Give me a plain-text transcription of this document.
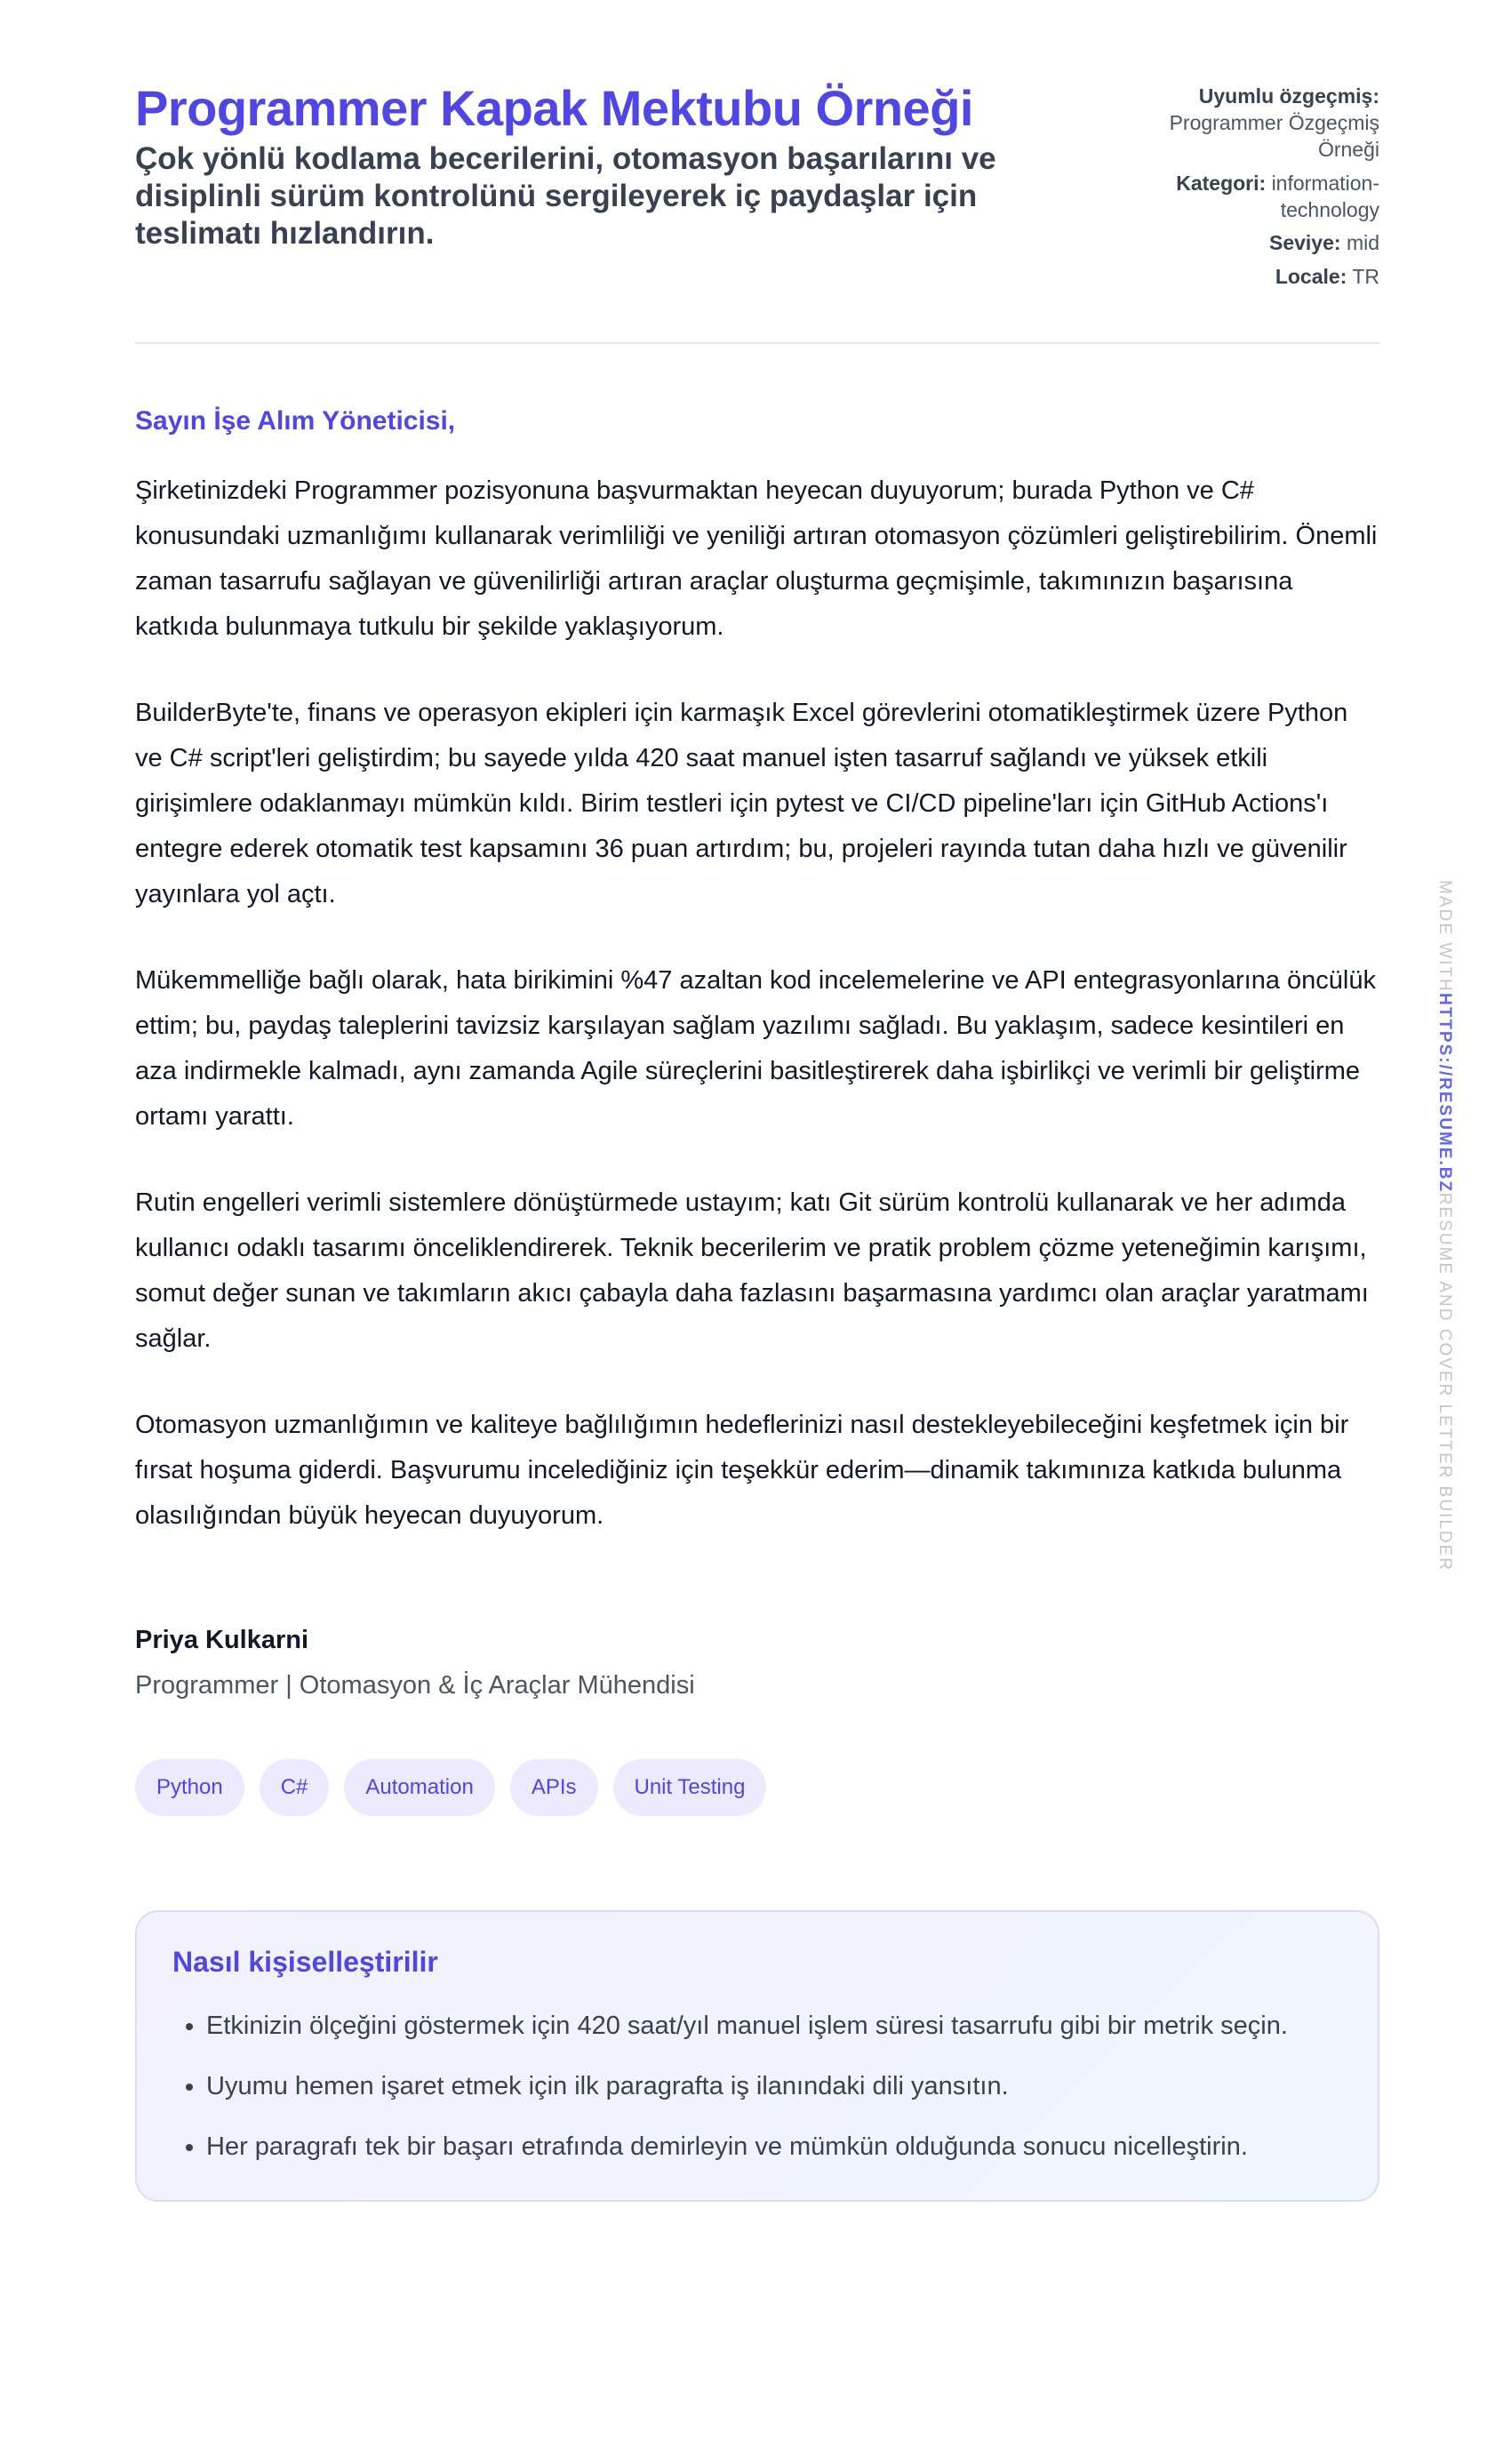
Programmer Kapak Mektubu Örneği
Çok yönlü kodlama becerilerini, otomasyon başarılarını ve disiplinli sürüm kontrolünü sergileyerek iç paydaşlar için teslimatı hızlandırın.
Uyumlu özgeçmiş:
Programmer Özgeçmiş Örneği
Kategori: information-technology
Seviye: mid
Locale: TR
Sayın İşe Alım Yöneticisi,

Şirketinizdeki Programmer pozisyonuna başvurmaktan heyecan duyuyorum; burada Python ve C# konusundaki uzmanlığımı kullanarak verimliliği ve yeniliği artıran otomasyon çözümleri geliştirebilirim. Önemli zaman tasarrufu sağlayan ve güvenilirliği artıran araçlar oluşturma geçmişimle, takımınızın başarısına katkıda bulunmaya tutkulu bir şekilde yaklaşıyorum.

BuilderByte'te, finans ve operasyon ekipleri için karmaşık Excel görevlerini otomatikleştirmek üzere Python ve C# script'leri geliştirdim; bu sayede yılda 420 saat manuel işten tasarruf sağlandı ve yüksek etkili girişimlere odaklanmayı mümkün kıldı. Birim testleri için pytest ve CI/CD pipeline'ları için GitHub Actions'ı entegre ederek otomatik test kapsamını 36 puan artırdım; bu, projeleri rayında tutan daha hızlı ve güvenilir yayınlara yol açtı.

Mükemmelliğe bağlı olarak, hata birikimini %47 azaltan kod incelemelerine ve API entegrasyonlarına öncülük ettim; bu, paydaş taleplerini tavizsiz karşılayan sağlam yazılımı sağladı. Bu yaklaşım, sadece kesintileri en aza indirmekle kalmadı, aynı zamanda Agile süreçlerini basitleştirerek daha işbirlikçi ve verimli bir geliştirme ortamı yarattı.

Rutin engelleri verimli sistemlere dönüştürmede ustayım; katı Git sürüm kontrolü kullanarak ve her adımda kullanıcı odaklı tasarımı önceliklendirerek. Teknik becerilerim ve pratik problem çözme yeteneğimin karışımı, somut değer sunan ve takımların akıcı çabayla daha fazlasını başarmasına yardımcı olan araçlar yaratmamı sağlar.

Otomasyon uzmanlığımın ve kaliteye bağlılığımın hedeflerinizi nasıl destekleyebileceğini keşfetmek için bir fırsat hoşuma giderdi. Başvurumu incelediğiniz için teşekkür ederim—dinamik takımınıza katkıda bulunma olasılığından büyük heyecan duyuyorum.

Priya Kulkarni
Programmer | Otomasyon & İç Araçlar Mühendisi
Python	C#	Automation	APIs	Unit Testing
Nasıl kişiselleştirilir
• Etkinizin ölçeğini göstermek için 420 saat/yıl manuel işlem süresi tasarrufu gibi bir metrik seçin.
• Uyumu hemen işaret etmek için ilk paragrafta iş ilanındaki dili yansıtın.
• Her paragrafı tek bir başarı etrafında demirleyin ve mümkün olduğunda sonucu nicelleştirin.
MADE WITHHTTPS://RESUME.BZRESUME AND COVER LETTER BUILDER
